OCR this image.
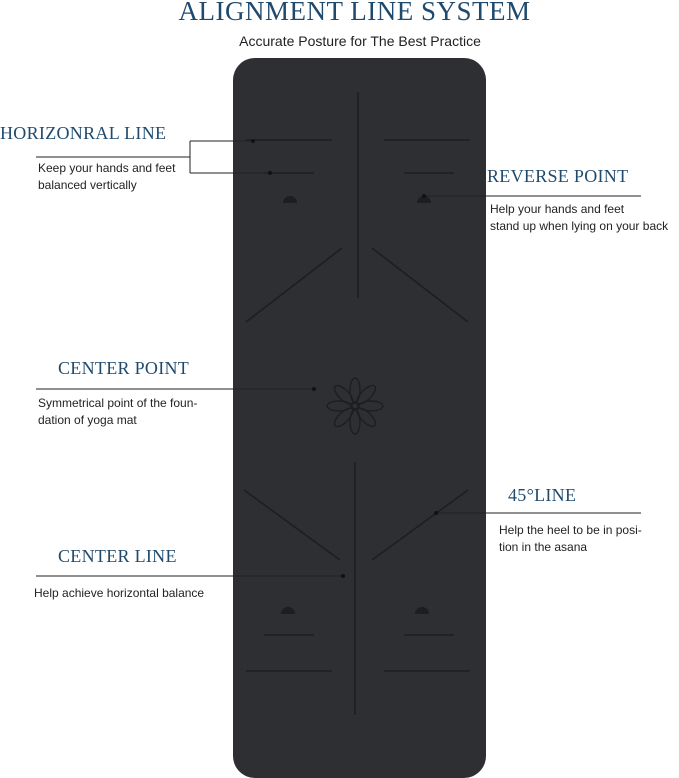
ALIGNMENT LINE SYSTEM
Accurate Posture for The Best Practice
HORIZONRAL LINE
Keep your hands and feet
balanced vertically	REVERSE POINT
Help your hands and feet
stand up when lying on your back
CENTER POINT
Symmetrical point of the foun-
dation of yoga mat
45°LINE
Help the heel to be in posi-
tion in the asana
CENTER LINE
Help achieve horizontal balance
